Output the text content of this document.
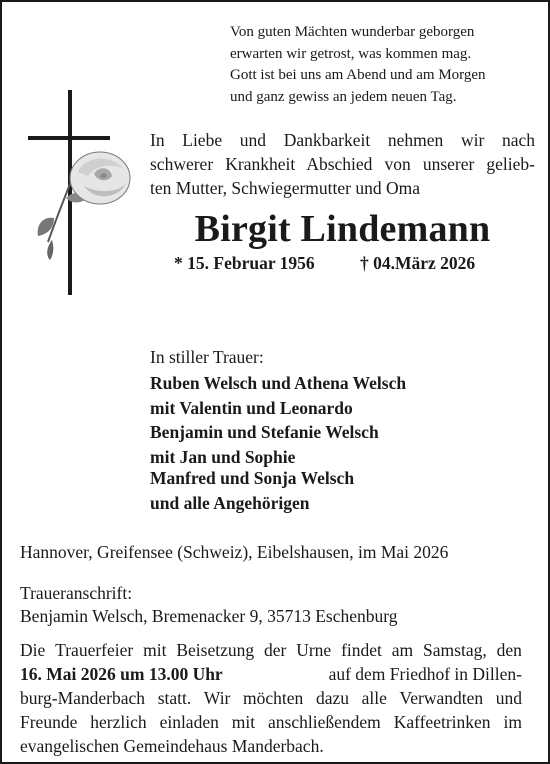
Von guten Mächten wunderbar geborgen
erwarten wir getrost, was kommen mag.
Gott ist bei uns am Abend und am Morgen
und ganz gewiss an jedem neuen Tag.
In Liebe und Dankbarkeit nehmen wir nach
schwerer Krankheit Abschied von unserer gelieb-
ten Mutter, Schwiegermutter und Oma
Birgit Lindemann
* 15. Februar 1956	† 04.März 2026
In stiller Trauer:
Ruben Welsch und Athena Welsch
mit Valentin und Leonardo
Benjamin und Stefanie Welsch
mit Jan und Sophie
Manfred und Sonja Welsch
und alle Angehörigen
Hannover, Greifensee (Schweiz), Eibelshausen, im Mai 2026
Traueranschrift:
Benjamin Welsch, Bremenacker 9, 35713 Eschenburg
Die Trauerfeier mit Beisetzung der Urne findet am Samstag, den
16. Mai 2026 um 13.00 Uhr	auf dem Friedhof in Dillen-
burg-Manderbach statt. Wir möchten dazu alle Verwandten und
Freunde herzlich einladen mit anschließendem Kaffeetrinken im
evangelischen Gemeindehaus Manderbach.
